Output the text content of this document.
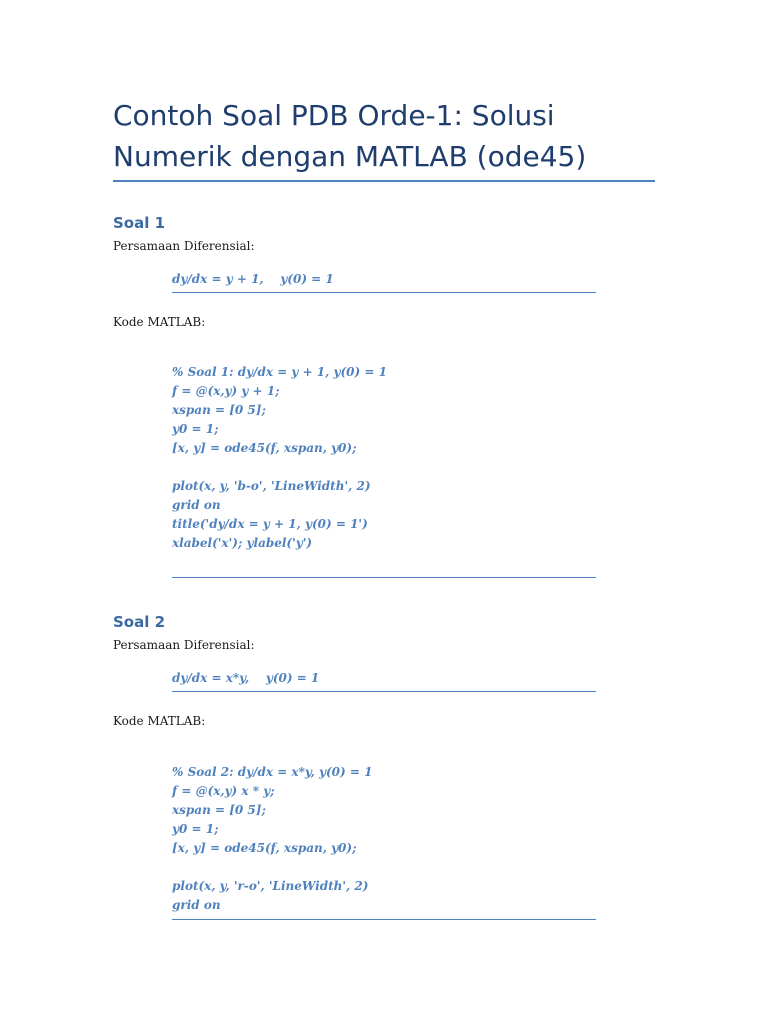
Contoh Soal PDB Orde-1: Solusi Numerik dengan MATLAB (ode45)
Soal 1

Persamaan Diferensial:

dy/dx = y + 1,    y(0) = 1

Kode MATLAB:

% Soal 1: dy/dx = y + 1, y(0) = 1
f = @(x,y) y + 1;
xspan = [0 5];
y0 = 1;
[x, y] = ode45(f, xspan, y0);
plot(x, y, 'b-o', 'LineWidth', 2)
grid on
title('dy/dx = y + 1, y(0) = 1')
xlabel('x'); ylabel('y')
Soal 2

Persamaan Diferensial:

dy/dx = x*y,    y(0) = 1

Kode MATLAB:

% Soal 2: dy/dx = x*y, y(0) = 1
f = @(x,y) x * y;
xspan = [0 5];
y0 = 1;
[x, y] = ode45(f, xspan, y0);
plot(x, y, 'r-o', 'LineWidth', 2)
grid on
